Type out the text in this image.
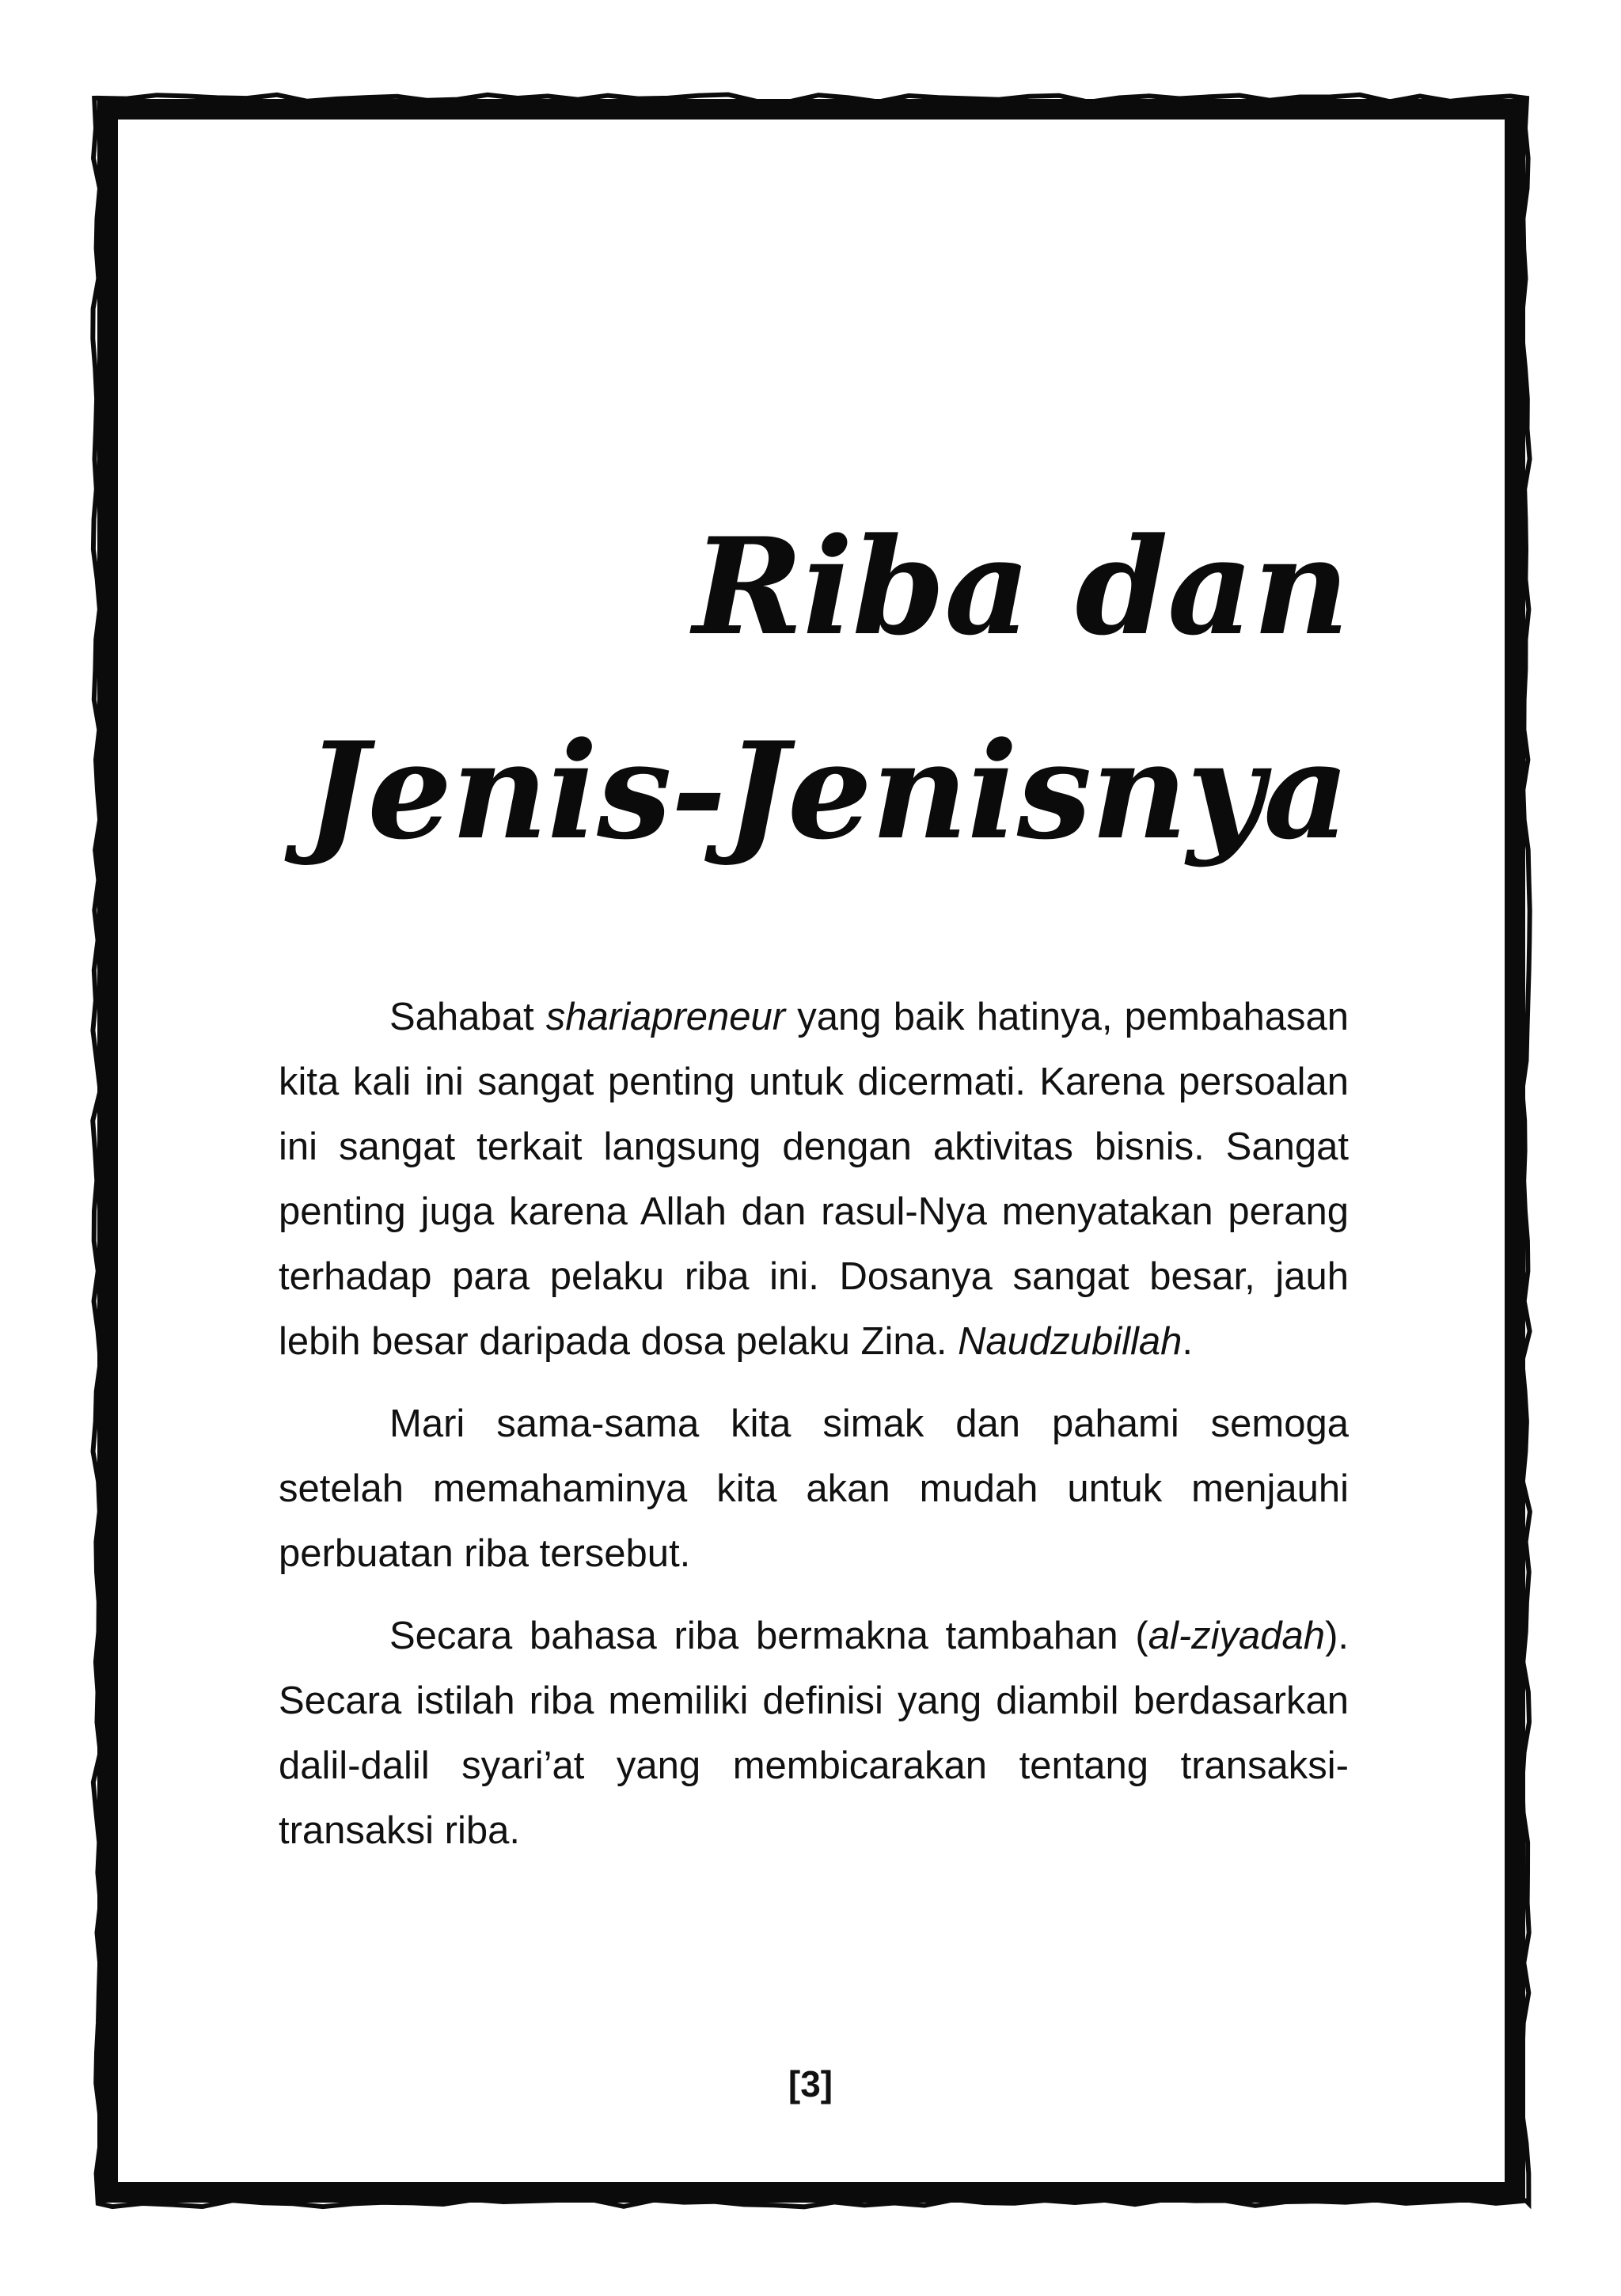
Riba dan
Jenis-Jenisnya

Sahabat shariapreneur yang baik hatinya, pembahasan kita kali ini sangat penting untuk dicermati. Karena persoalan ini sangat terkait langsung dengan aktivitas bisnis. Sangat penting juga karena Allah dan rasul-Nya menyatakan perang terhadap para pelaku riba ini. Dosanya sangat besar, jauh lebih besar daripada dosa pelaku Zina. Naudzubillah.

Mari sama-sama kita simak dan pahami semoga setelah memahaminya kita akan mudah untuk menjauhi perbuatan riba tersebut.

Secara bahasa riba bermakna tambahan (al-ziyadah). Secara istilah riba memiliki definisi yang diambil berdasarkan dalil-dalil syari’at yang membicarakan tentang transaksi-transaksi riba.

[3]
